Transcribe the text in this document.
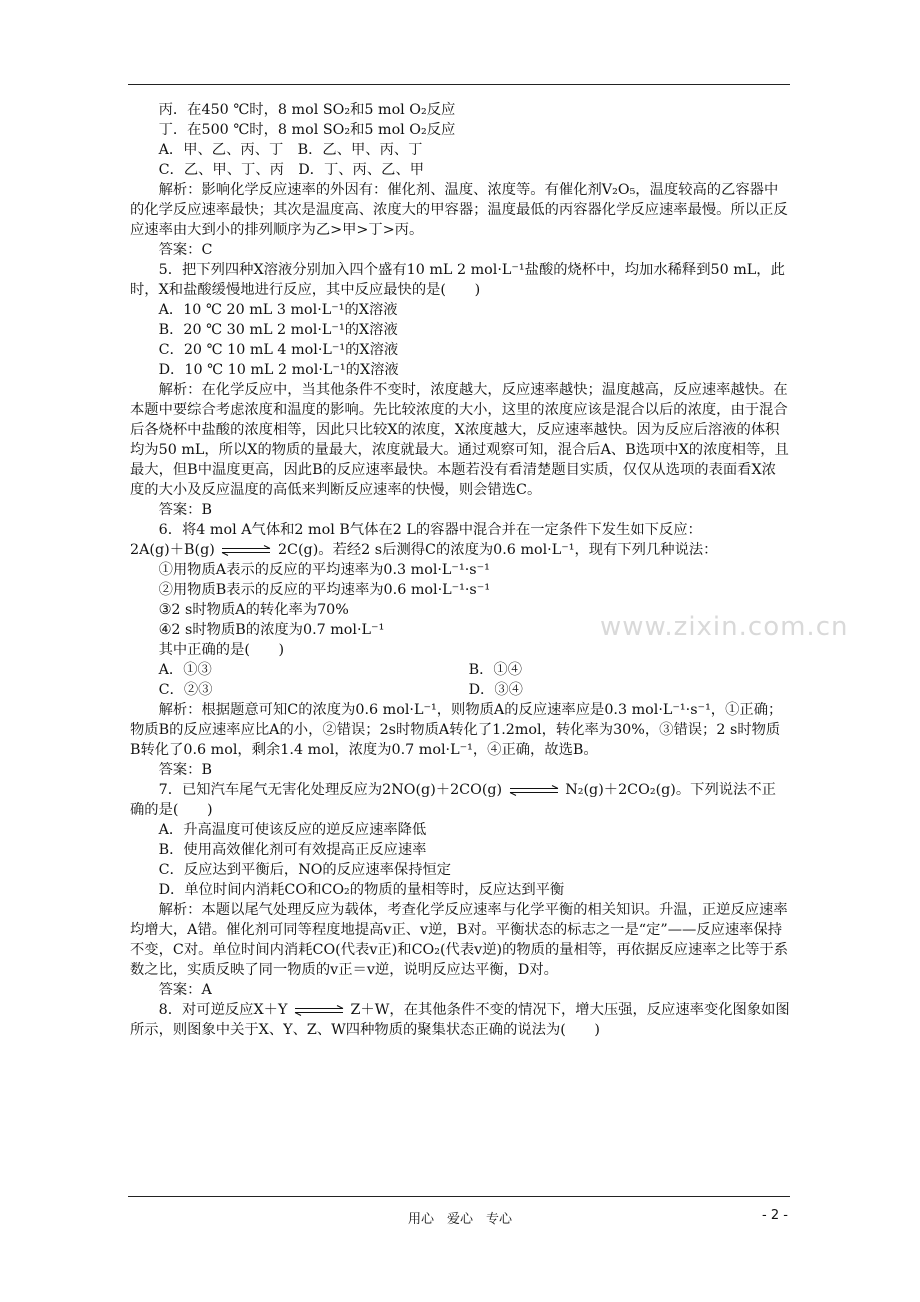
丙．在450 ℃时，8 mol SO₂和5 mol O₂反应

丁．在500 ℃时，8 mol SO₂和5 mol O₂反应

A．甲、乙、丙、丁　B．乙、甲、丙、丁

C．乙、甲、丁、丙　D．丁、丙、乙、甲

解析：影响化学反应速率的外因有：催化剂、温度、浓度等。有催化剂V₂O₅，温度较高的乙容器中的化学反应速率最快；其次是温度高、浓度大的甲容器；温度最低的丙容器化学反应速率最慢。所以正反应速率由大到小的排列顺序为乙>甲>丁>丙。

答案：C

5．把下列四种X溶液分别加入四个盛有10 mL 2 mol·L⁻¹盐酸的烧杯中，均加水稀释到50 mL，此时，X和盐酸缓慢地进行反应，其中反应最快的是(　　)

A．10 ℃ 20 mL 3 mol·L⁻¹的X溶液

B．20 ℃ 30 mL 2 mol·L⁻¹的X溶液

C．20 ℃ 10 mL 4 mol·L⁻¹的X溶液

D．10 ℃ 10 mL 2 mol·L⁻¹的X溶液

解析：在化学反应中，当其他条件不变时，浓度越大，反应速率越快；温度越高，反应速率越快。在本题中要综合考虑浓度和温度的影响。先比较浓度的大小，这里的浓度应该是混合以后的浓度，由于混合后各烧杯中盐酸的浓度相等，因此只比较X的浓度，X浓度越大，反应速率越快。因为反应后溶液的体积均为50 mL，所以X的物质的量最大，浓度就最大。通过观察可知，混合后A、B选项中X的浓度相等，且最大，但B中温度更高，因此B的反应速率最快。本题若没有看清楚题目实质，仅仅从选项的表面看X浓度的大小及反应温度的高低来判断反应速率的快慢，则会错选C。

答案：B

6．将4 mol A气体和2 mol B气体在2 L的容器中混合并在一定条件下发生如下反应：

2A(g)＋B(g) ⇌ 2C(g)。若经2 s后测得C的浓度为0.6 mol·L⁻¹，现有下列几种说法：

①用物质A表示的反应的平均速率为0.3 mol·L⁻¹·s⁻¹

②用物质B表示的反应的平均速率为0.6 mol·L⁻¹·s⁻¹

③2 s时物质A的转化率为70%

④2 s时物质B的浓度为0.7 mol·L⁻¹

其中正确的是(　　)

A．①③	B．①④
C．②③	D．③④

解析：根据题意可知C的浓度为0.6 mol·L⁻¹，则物质A的反应速率应是0.3 mol·L⁻¹·s⁻¹，①正确；物质B的反应速率应比A的小，②错误；2s时物质A转化了1.2mol，转化率为30%，③错误；2 s时物质B转化了0.6 mol，剩余1.4 mol，浓度为0.7 mol·L⁻¹，④正确，故选B。

答案：B

7．已知汽车尾气无害化处理反应为2NO(g)＋2CO(g) ⇌ N₂(g)＋2CO₂(g)。下列说法不正确的是(　　)

A．升高温度可使该反应的逆反应速率降低

B．使用高效催化剂可有效提高正反应速率

C．反应达到平衡后，NO的反应速率保持恒定

D．单位时间内消耗CO和CO₂的物质的量相等时，反应达到平衡

解析：本题以尾气处理反应为载体，考查化学反应速率与化学平衡的相关知识。升温，正逆反应速率均增大，A错。催化剂可同等程度地提高v正、v逆，B对。平衡状态的标志之一是“定”——反应速率保持不变，C对。单位时间内消耗CO(代表v正)和CO₂(代表v逆)的物质的量相等，再依据反应速率之比等于系数之比，实质反映了同一物质的v正＝v逆，说明反应达平衡，D对。

答案：A

8．对可逆反应X＋Y ⇌ Z＋W，在其他条件不变的情况下，增大压强，反应速率变化图象如图所示，则图象中关于X、Y、Z、W四种物质的聚集状态正确的说法为(　　)

www.zixin.com.cn
用心　爱心　专心	- 2 -
